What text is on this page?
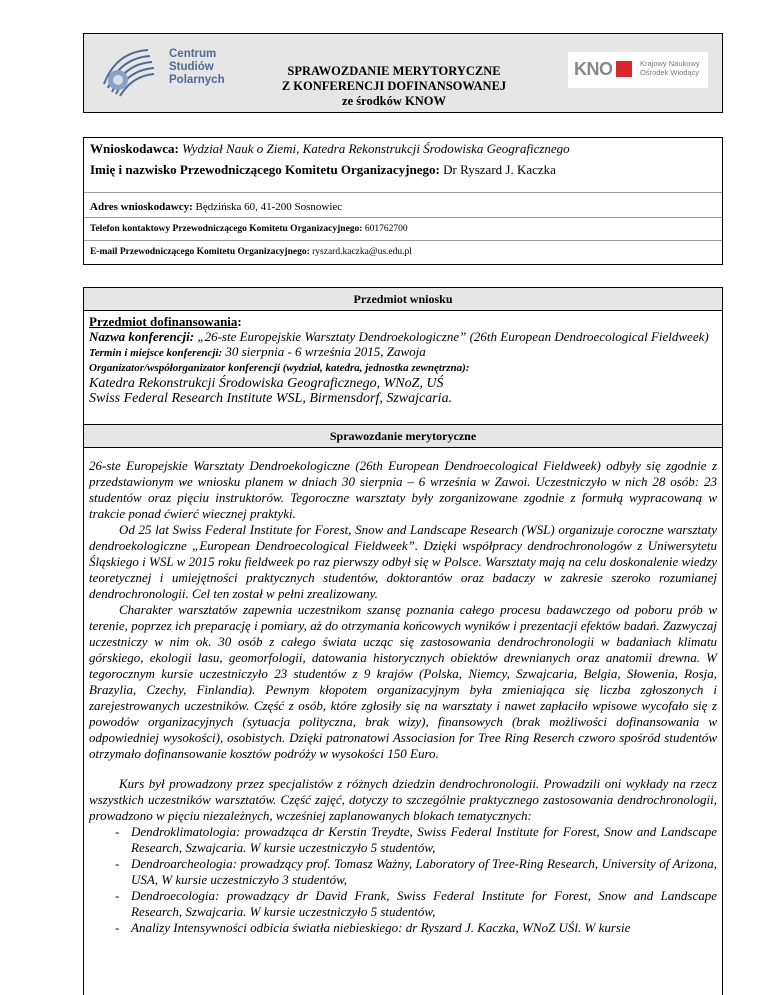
Centrum
Studiów
Polarnych
SPRAWOZDANIE MERYTORYCZNE
Z KONFERENCJI DOFINANSOWANEJ
ze środków KNOW
KNO	Krajowy Naukowy
Ośrodek Wiodący
Wnioskodawca: Wydział Nauk o Ziemi, Katedra Rekonstrukcji Środowiska Geograficznego
Imię i nazwisko Przewodniczącego Komitetu Organizacyjnego: Dr Ryszard J. Kaczka
Adres wnioskodawcy: Będzińska 60, 41-200 Sosnowiec
Telefon kontaktowy Przewodniczącego Komitetu Organizacyjnego: 601762700
E-mail Przewodniczącego Komitetu Organizacyjnego: ryszard.kaczka@us.edu.pl
Przedmiot wniosku
Przedmiot dofinansowania:
Nazwa konferencji: „26-ste Europejskie Warsztaty Dendroekologiczne” (26th European Dendroecological Fieldweek)
Termin i miejsce konferencji: 30 sierpnia - 6 września 2015, Zawoja
Organizator/współorganizator konferencji (wydział, katedra, jednostka zewnętrzna):
Katedra Rekonstrukcji Środowiska Geograficznego, WNoZ, UŚ
Swiss Federal Research Institute WSL, Birmensdorf, Szwajcaria.
Sprawozdanie merytoryczne

26-ste Europejskie Warsztaty Dendroekologiczne (26th European Dendroecological Fieldweek) odbyły się zgodnie z przedstawionym we wniosku planem w dniach 30 sierpnia – 6 września w Zawoi. Uczestniczyło w nich 28 osób: 23 studentów oraz pięciu instruktorów. Tegoroczne warsztaty były zorganizowane zgodnie z formułą wypracowaną w trakcie ponad ćwierć wiecznej praktyki.

Od 25 lat Swiss Federal Institute for Forest, Snow and Landscape Research (WSL) organizuje coroczne warsztaty dendroekologiczne „European Dendroecological Fieldweek”. Dzięki współpracy dendrochronologów z Uniwersytetu Śląskiego i WSL w 2015 roku fieldweek po raz pierwszy odbył się w Polsce. Warsztaty mają na celu doskonalenie wiedzy teoretycznej i umiejętności praktycznych studentów, doktorantów oraz badaczy w zakresie szeroko rozumianej dendrochronologii. Cel ten został w pełni zrealizowany.

Charakter warsztatów zapewnia uczestnikom szansę poznania całego procesu badawczego od poboru prób w terenie, poprzez ich preparację i pomiary, aż do otrzymania końcowych wyników i prezentacji efektów badań. Zazwyczaj uczestniczy w nim ok. 30 osób z całego świata ucząc się zastosowania dendrochronologii w badaniach klimatu górskiego, ekologii lasu, geomorfologii, datowania historycznych obiektów drewnianych oraz anatomii drewna. W tegorocznym kursie uczestniczyło 23 studentów z 9 krajów (Polska, Niemcy, Szwajcaria, Belgia, Słowenia, Rosja, Brazylia, Czechy, Finlandia). Pewnym kłopotem organizacyjnym była zmieniająca się liczba zgłoszonych i zarejestrowanych uczestników. Część z osób, które zgłosiły się na warsztaty i nawet zapłaciło wpisowe wycofało się z powodów organizacyjnych (sytuacja polityczna, brak wizy), finansowych (brak możliwości dofinansowania w odpowiedniej wysokości), osobistych. Dzięki patronatowi Associasion for Tree Ring Reserch czworo spośród studentów otrzymało dofinansowanie kosztów podróży w wysokości 150 Euro.

Kurs był prowadzony przez specjalistów z różnych dziedzin dendrochronologii. Prowadzili oni wykłady na rzecz wszystkich uczestników warsztatów. Część zajęć, dotyczy to szczególnie praktycznego zastosowania dendrochronologii, prowadzono w pięciu niezależnych, wcześniej zaplanowanych blokach tematycznych:

- Dendroklimatologia: prowadząca dr Kerstin Treydte, Swiss Federal Institute for Forest, Snow and Landscape Research, Szwajcaria. W kursie uczestniczyło 5 studentów,
- Dendroarcheologia: prowadzący prof. Tomasz Ważny, Laboratory of Tree-Ring Research, University of Arizona, USA, W kursie uczestniczyło 3 studentów,
- Dendroecologia: prowadzący dr David Frank, Swiss Federal Institute for Forest, Snow and Landscape Research, Szwajcaria. W kursie uczestniczyło 5 studentów,
- Analizy Intensywności odbicia światła niebieskiego: dr Ryszard J. Kaczka, WNoZ UŚl. W kursie
